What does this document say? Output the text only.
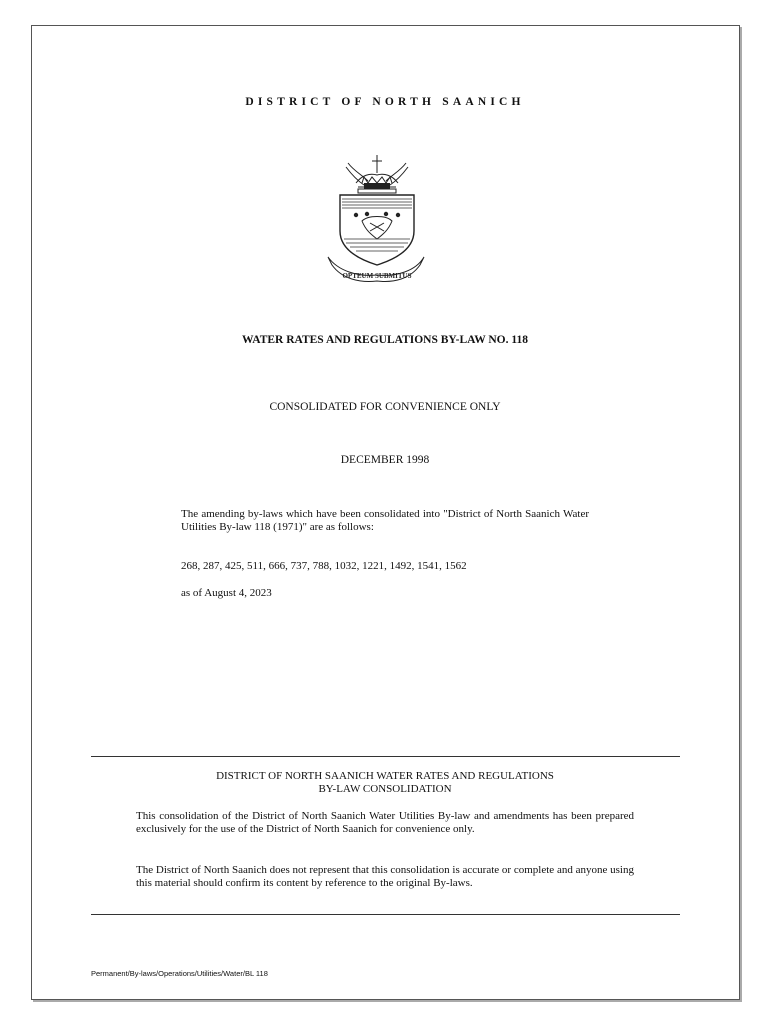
DISTRICT OF NORTH SAANICH
OPTEUM SUBMITUS
WATER RATES AND REGULATIONS BY-LAW NO. 118
CONSOLIDATED FOR CONVENIENCE ONLY
DECEMBER 1998
The amending by-laws which have been consolidated into "District of North Saanich Water Utilities By-law 118 (1971)" are as follows:
268, 287, 425, 511, 666, 737, 788, 1032, 1221, 1492, 1541, 1562
as of August 4, 2023
DISTRICT OF NORTH SAANICH WATER RATES AND REGULATIONS
BY-LAW CONSOLIDATION
This consolidation of the District of North Saanich Water Utilities By-law and amendments has been prepared exclusively for the use of the District of North Saanich for convenience only.
The District of North Saanich does not represent that this consolidation is accurate or complete and anyone using this material should confirm its content by reference to the original By-laws.
Permanent/By-laws/Operations/Utilities/Water/BL 118
